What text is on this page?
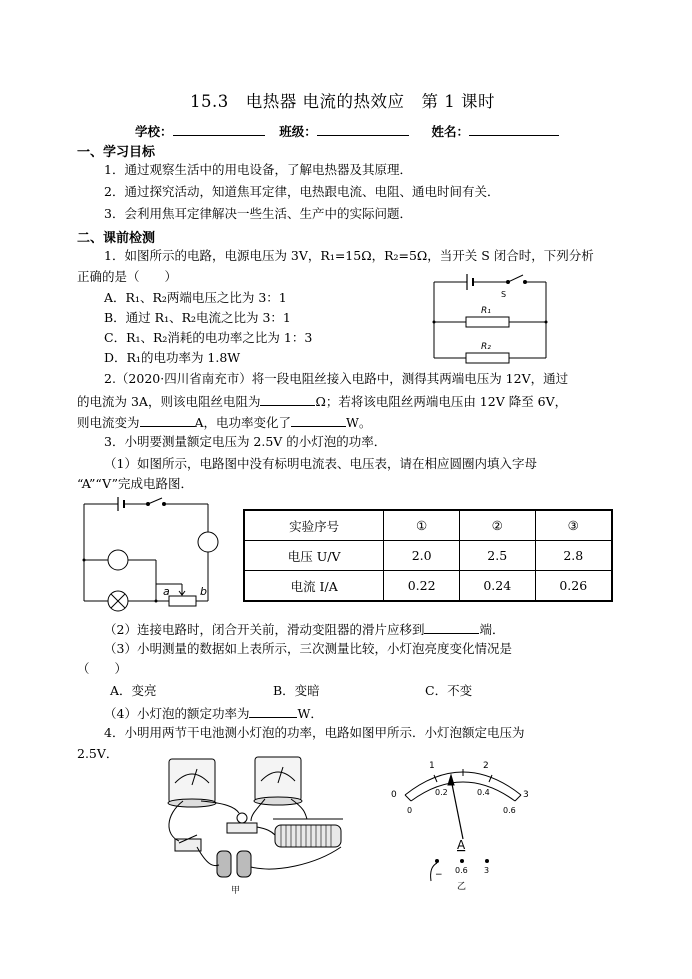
15.3　电热器 电流的热效应　第 1 课时
学校：	班级：	姓名：
一、学习目标
1．通过观察生活中的用电设备，了解电热器及其原理．
2．通过探究活动，知道焦耳定律，电热跟电流、电阻、通电时间有关．
3．会利用焦耳定律解决一些生活、生产中的实际问题．
二、课前检测
1．如图所示的电路，电源电压为 3V，R₁=15Ω，R₂=5Ω，当开关 S 闭合时，下列分析
正确的是（　　）
A．R₁、R₂两端电压之比为 3：1
B．通过 R₁、R₂电流之比为 3：1
C．R₁、R₂消耗的电功率之比为 1：3
D．R₁的电功率为 1.8W
S
R₁
R₂
2.（2020·四川省南充市）将一段电阻丝接入电路中，测得其两端电压为 12V，通过
的电流为 3A，则该电阻丝电阻为	Ω；若将该电阻丝两端电压由 12V 降至 6V，
则电流变为	A，电功率变化了	W。
3．小明要测量额定电压为 2.5V 的小灯泡的功率．
（1）如图所示，电路图中没有标明电流表、电压表，请在相应圆圈内填入字母
“A”“V”完成电路图．
a	b
实验序号	①	②	③
电压 U/V	2.0	2.5	2.8
电流 I/A	0.22	0.24	0.26
（2）连接电路时，闭合开关前，滑动变阻器的滑片应移到	端．
（3）小明测量的数据如上表所示，三次测量比较，小灯泡亮度变化情况是
（　　）
A．变亮	B．变暗	C．不变
（4）小灯泡的额定功率为	W．
4．小明用两节干电池测小灯泡的功率，电路如图甲所示．小灯泡额定电压为
2.5V．
甲
0
1	2
3
0
0.2	0.4
0.6
A
− 0.6 3
乙
